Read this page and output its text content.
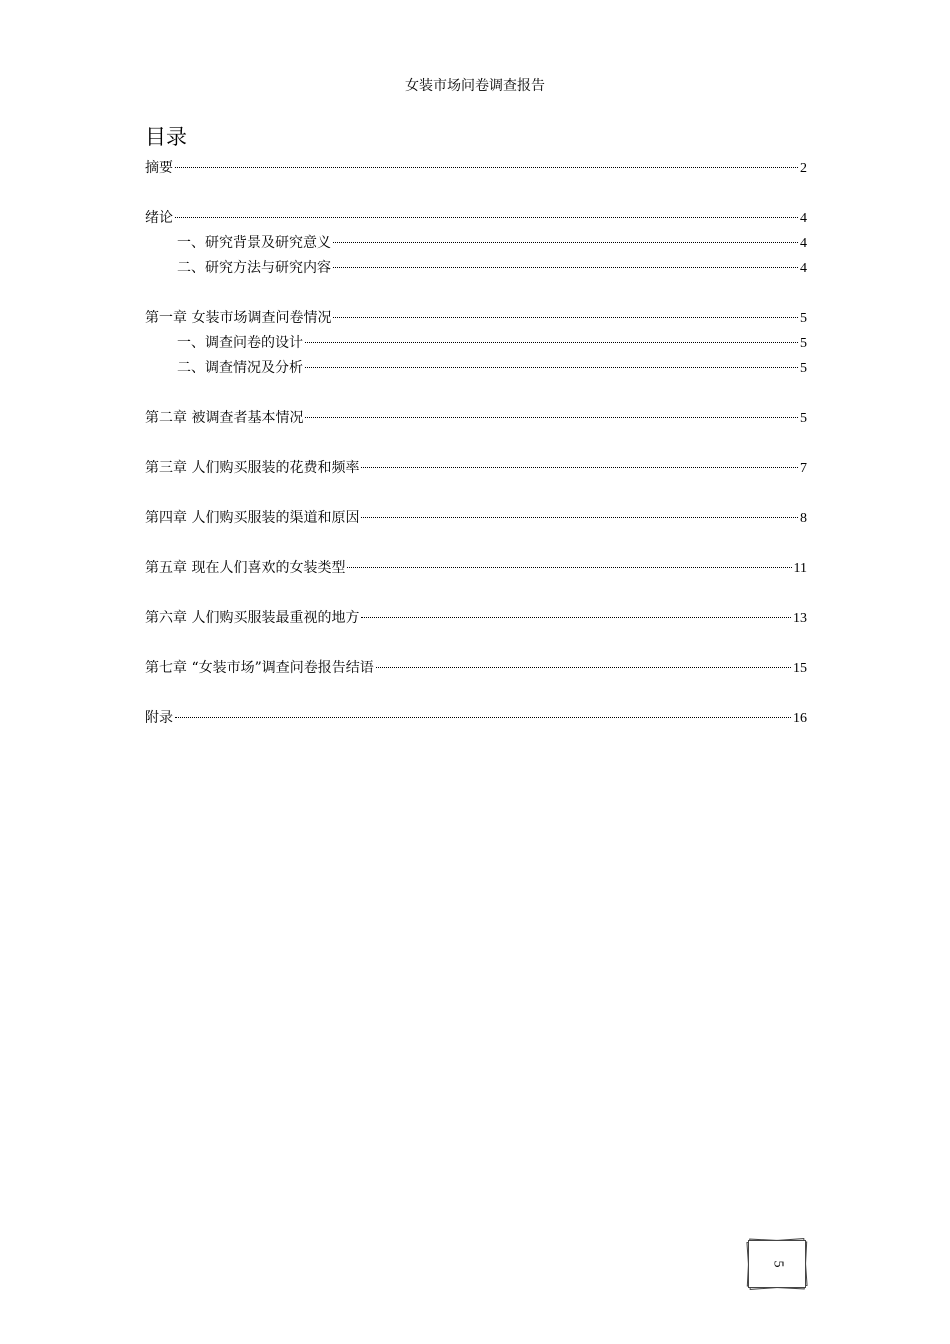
女装市场问卷调查报告
目录
摘要	2
绪论	4
一、研究背景及研究意义	4
二、研究方法与研究内容	4
第一章 女装市场调查问卷情况	5
一、调查问卷的设计	5
二、调查情况及分析	5
第二章 被调查者基本情况	5
第三章 人们购买服装的花费和频率	7
第四章 人们购买服装的渠道和原因	8
第五章 现在人们喜欢的女装类型	11
第六章 人们购买服装最重视的地方	13
第七章 “女装市场”调查问卷报告结语	15
附录	16
5
